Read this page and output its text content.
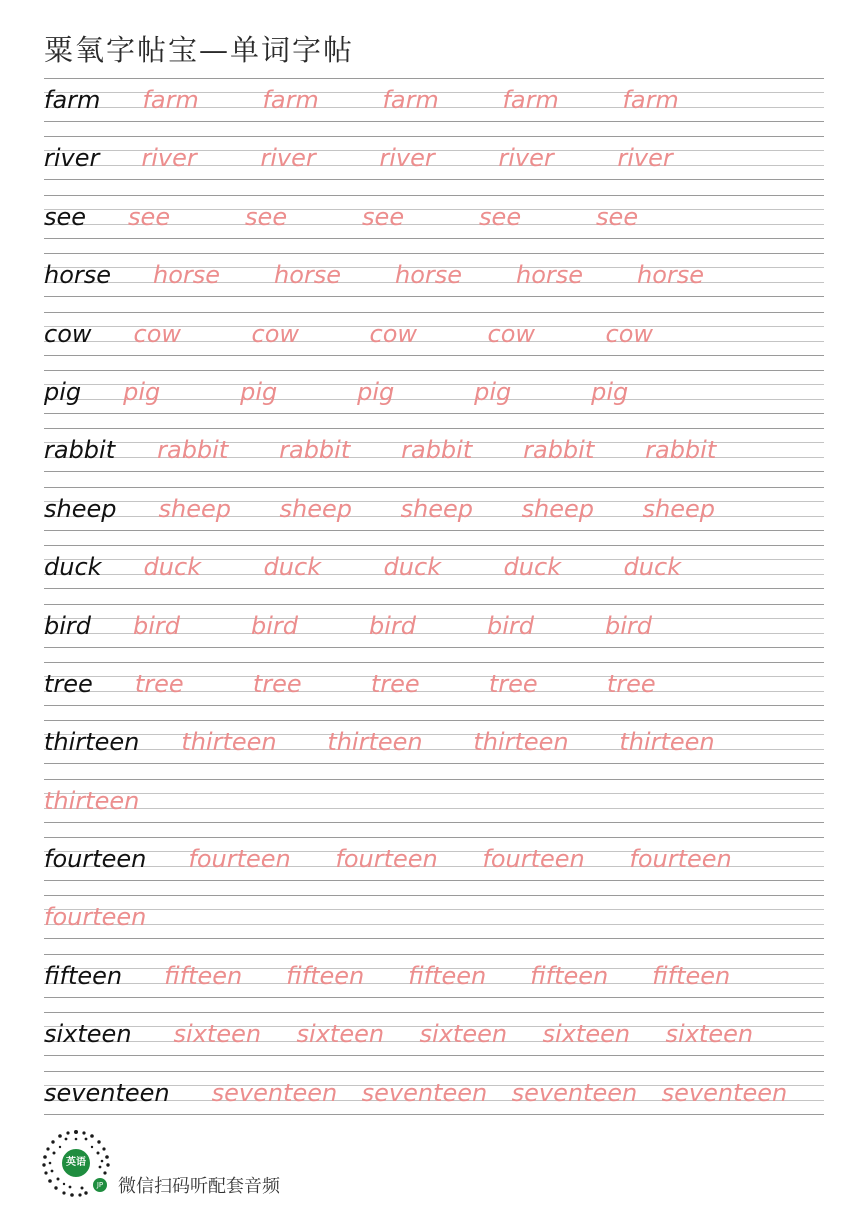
粟氧字帖宝—单词字帖
farm farm	farm	farm	farm	farm
river river	river	river	river	river
see see	see	see	see	see
horse horse horse horse horse horse
cow cow	cow	cow	cow	cow
pig pig	pig	pig	pig	pig
rabbit rabbit rabbit rabbit rabbit rabbit
sheep sheep sheep sheep sheep sheep
duck duck	duck	duck	duck	duck
bird bird	bird	bird	bird	bird
tree tree	tree	tree	tree	tree
thirteen thirteen thirteen thirteen thirteen
thirteen
fourteen fourteen fourteen fourteen fourteen
fourteen
fifteen fifteen fifteen fifteen fifteen fifteen
sixteen sixteen sixteen sixteen sixteen sixteen
seventeen seventeen seventeen seventeen seventeen
英语
JP 微信扫码听配套音频
